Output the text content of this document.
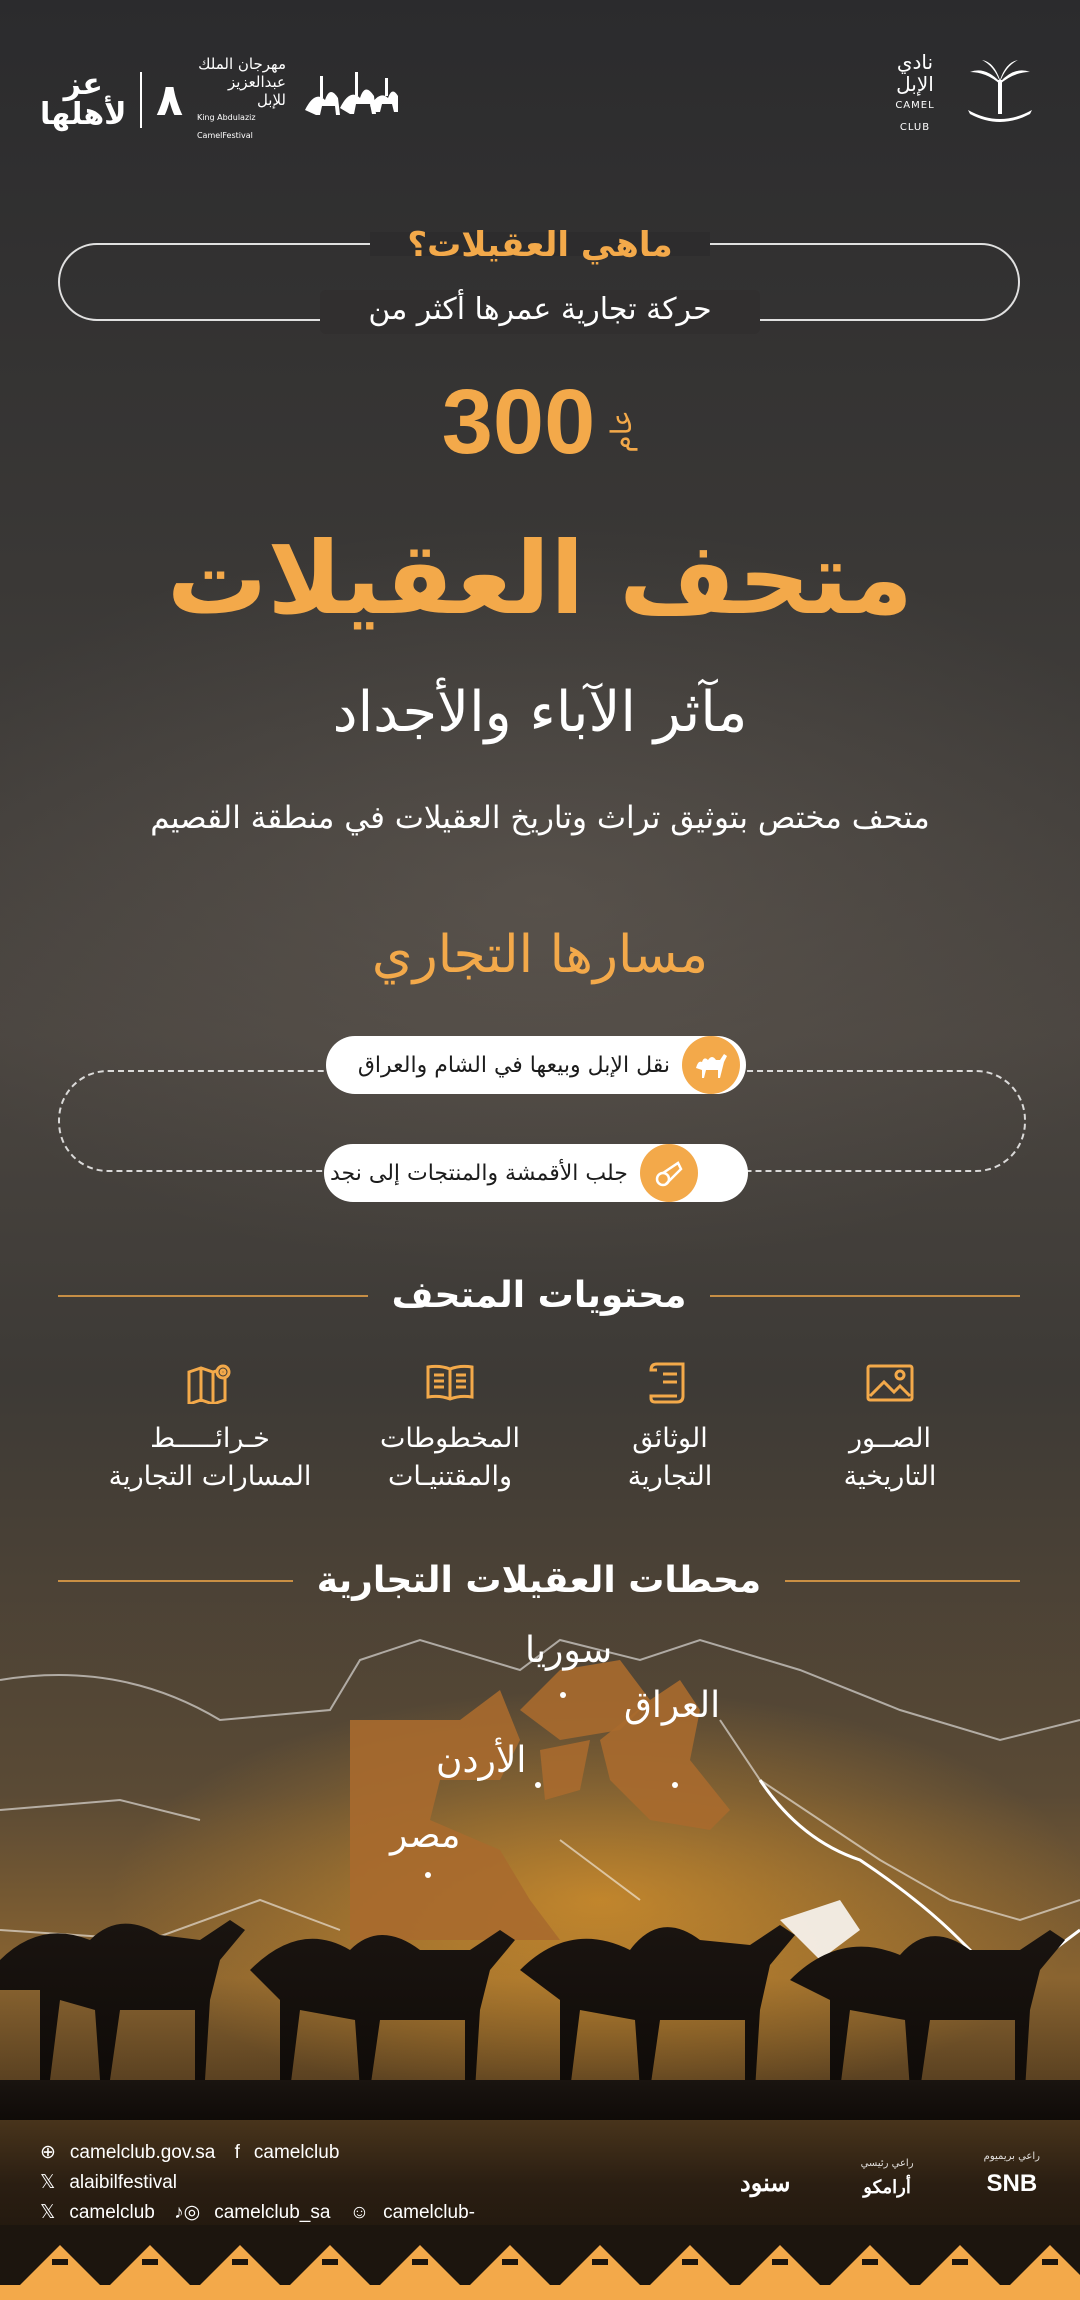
عز
لأهلها ٨
مهرجان الملك
عبدالعزيز للإبل
King Abdulaziz CamelFestival
نادي
الإبل
CAMEL CLUB
ماهي العقيلات؟
حركة تجارية عمرها أكثر من
300 عام
متحف العقيلات
مآثر الآباء والأجداد
متحف مختص بتوثيق تراث وتاريخ العقيلات في منطقة القصيم
مسارها التجاري
نقل الإبل وبيعها في الشام والعراق
جلب الأقمشة والمنتجات إلى نجد
محتويات المتحف
الصــور
التاريخية
الوثائق
التجارية
المخطوطات
والمقتنيـات
خـرائـــــط
المسارات التجارية
محطات العقيلات التجارية
سوريا
العراق
الأردن
مصر
⊕ camelclub.gov.sa f camelclub 𝕏 alaibilfestival
𝕏 camelclub ♪◎ camelclub_sa ☺ camelclub-
راعي بريميوم
SNB
راعي رئيسي
أرامكو
سنود
